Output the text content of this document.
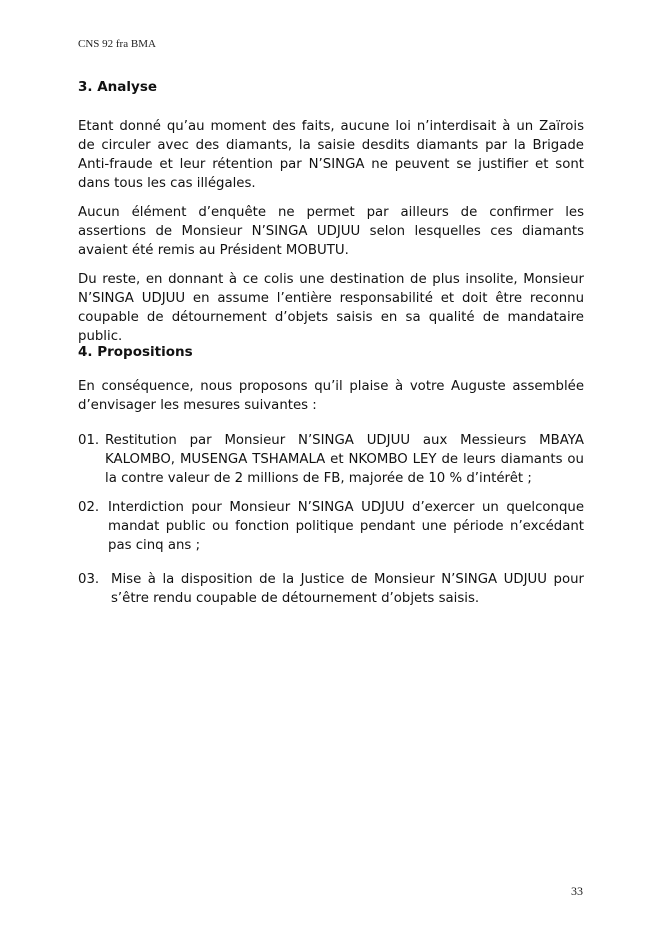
CNS 92 fra BMA
3. Analyse
Etant donné qu’au moment des faits, aucune loi n’interdisait à un Zaïrois de circuler avec des diamants, la saisie desdits diamants par la Brigade Anti-fraude et leur rétention par N’SINGA ne peuvent se justifier et sont dans tous les cas illégales.
Aucun élément d’enquête ne permet par ailleurs de confirmer les assertions de Monsieur N’SINGA UDJUU selon lesquelles ces diamants avaient été remis au Président MOBUTU.
Du reste, en donnant à ce colis une destination de plus insolite, Monsieur N’SINGA UDJUU en assume l’entière responsabilité et doit être reconnu coupable de détournement d’objets saisis en sa qualité de mandataire public.
4. Propositions
En conséquence, nous proposons qu’il plaise à votre Auguste assemblée d’envisager les mesures suivantes :
01. Restitution par Monsieur N’SINGA UDJUU aux Messieurs MBAYA KALOMBO, MUSENGA TSHAMALA et NKOMBO LEY de leurs diamants ou la contre valeur de 2 millions de FB, majorée de 10 % d’intérêt ;
02. Interdiction pour Monsieur N’SINGA UDJUU d’exercer un quelconque mandat public ou fonction politique pendant une période n’excédant pas cinq ans ;
03. Mise à la disposition de la Justice de Monsieur N’SINGA UDJUU pour s’être rendu coupable de détournement d’objets saisis.
33
